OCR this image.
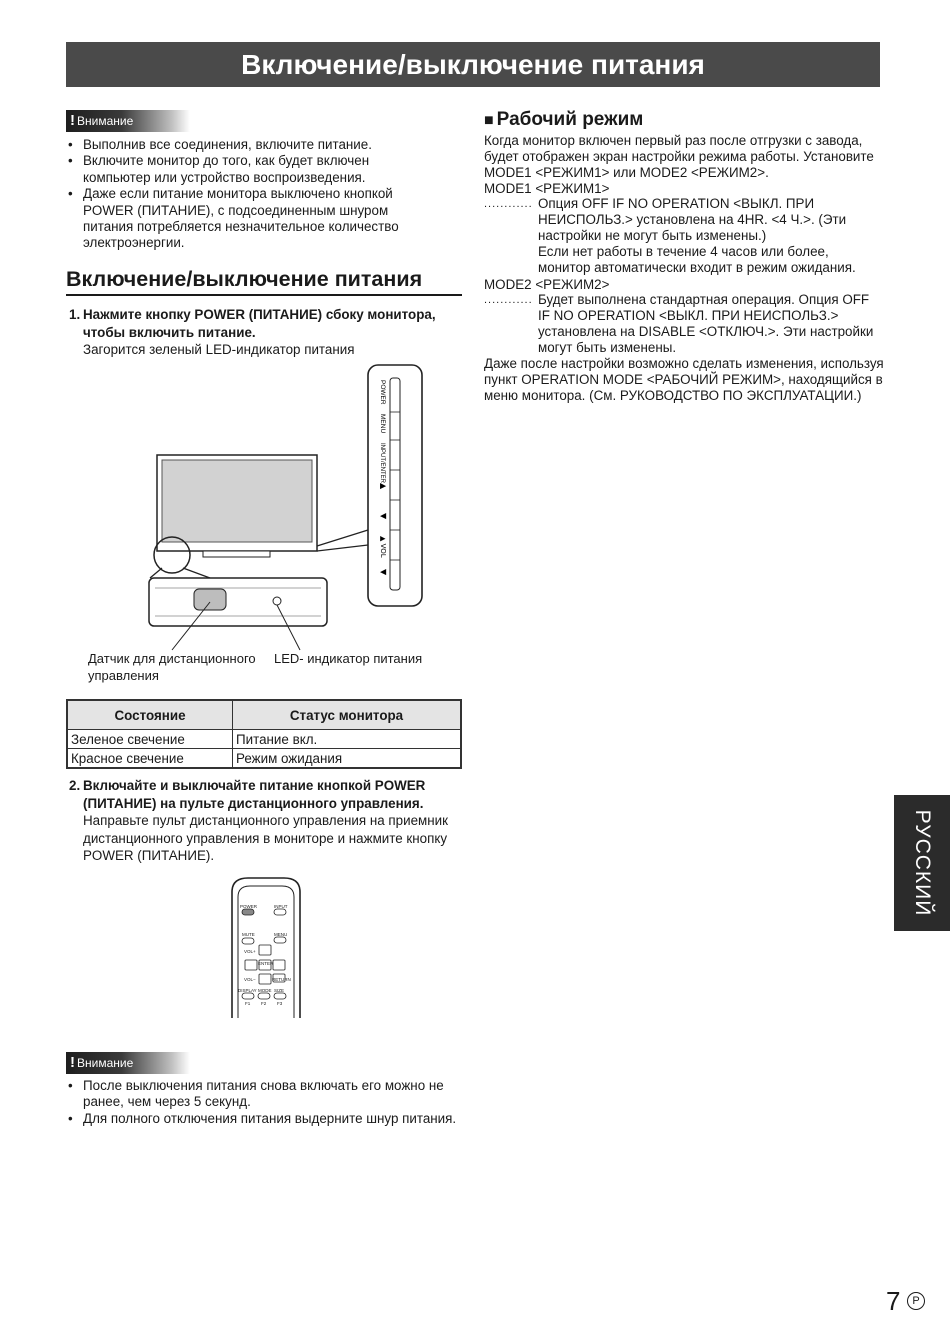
Включение/выключение питания
! Внимание
• Выполнив все соединения, включите питание.
• Включите монитор до того, как будет включен компьютер или устройство воспроизведения.
• Даже если питание монитора выключено кнопкой POWER (ПИТАНИЕ), с подсоединенным шнуром питания потребляется незначительное количество электроэнергии.
Включение/выключение питания
1. Нажмите кнопку POWER (ПИТАНИЕ) сбоку монитора, чтобы включить питание.
Загорится зеленый LED-индикатор питания
POWER
MENU
INPUT/ENTER
▲
▼
▲ VOL
▼
Датчик для дистанционного управления
LED- индикатор питания
Состояние	Статус монитора
Зеленое свечение	Питание вкл.
Красное свечение	Режим ожидания
2. Включайте и выключайте питание кнопкой POWER (ПИТАНИЕ) на пульте дистанционного управления.
Направьте пульт дистанционного управления на приемник дистанционного управления в мониторе и нажмите кнопку POWER (ПИТАНИЕ).
POWER	INPUT
MUTE	MENU
VOL+
ENTER
VOL−	RETURN
DISPLAY MODE SIZE
F1 F2 F3
! Внимание
• После выключения питания снова включать его можно не ранее, чем через 5 секунд.
• Для полного отключения питания выдерните шнур питания.
■ Рабочий режим
Когда монитор включен первый раз после отгрузки с завода, будет отображен экран настройки режима работы. Установите MODE1 <РЕЖИМ1> или MODE2 <РЕЖИМ2>.
MODE1 <РЕЖИМ1>
............ Опция OFF IF NO OPERATION <ВЫКЛ. ПРИ НЕИСПОЛЬЗ.> установлена на 4HR. <4 Ч.>. (Эти настройки не могут быть изменены.)
Если нет работы в течение 4 часов или более, монитор автоматически входит в режим ожидания.
MODE2 <РЕЖИМ2>
............ Будет выполнена стандартная операция. Опция OFF IF NO OPERATION <ВЫКЛ. ПРИ НЕИСПОЛЬЗ.> установлена на DISABLE <ОТКЛЮЧ.>. Эти настройки могут быть изменены.
Даже после настройки возможно сделать изменения, используя пункт OPERATION MODE <РАБОЧИЙ РЕЖИМ>, находящийся в меню монитора. (См. РУКОВОДСТВО ПО ЭКСПЛУАТАЦИИ.)
РУССКИЙ
7	P
